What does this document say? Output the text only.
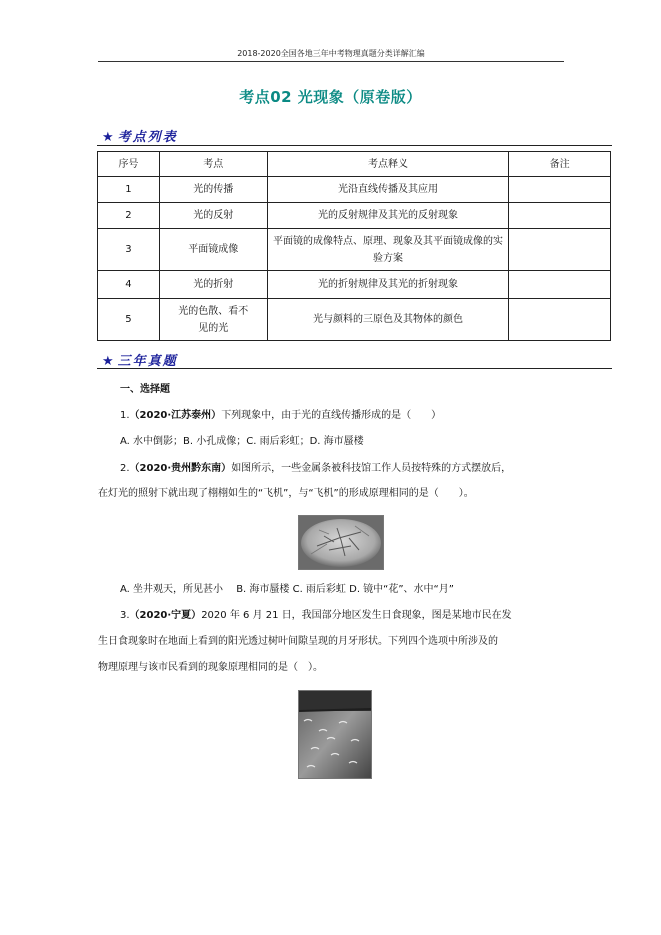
2018-2020全国各地三年中考物理真题分类详解汇编
考点02 光现象（原卷版）
★ 考点列表
序号	考点	考点释义	备注
1	光的传播	光沿直线传播及其应用	
2	光的反射	光的反射规律及其光的反射现象	
3	平面镜成像	平面镜的成像特点、原理、现象及其平面镜成像的实验方案	
4	光的折射	光的折射规律及其光的折射现象	
5	光的色散、看不见的光	光与颜料的三原色及其物体的颜色	
★ 三年真题
一、选择题
1.（2020·江苏泰州）下列现象中，由于光的直线传播形成的是（　　）
A. 水中倒影；B. 小孔成像；C. 雨后彩虹；D. 海市蜃楼
2.（2020·贵州黔东南）如图所示，一些金属条被科技馆工作人员按特殊的方式摆放后，
在灯光的照射下就出现了栩栩如生的“飞机”，与“飞机”的形成原理相同的是（　　）。
A. 坐井观天，所见甚小　 B. 海市蜃楼 C. 雨后彩虹 D. 镜中“花”、水中“月”
3.（2020·宁夏）2020 年 6 月 21 日，我国部分地区发生日食现象，图是某地市民在发
生日食现象时在地面上看到的阳光透过树叶间隙呈现的月牙形状。下列四个选项中所涉及的
物理原理与该市民看到的现象原理相同的是（　）。
